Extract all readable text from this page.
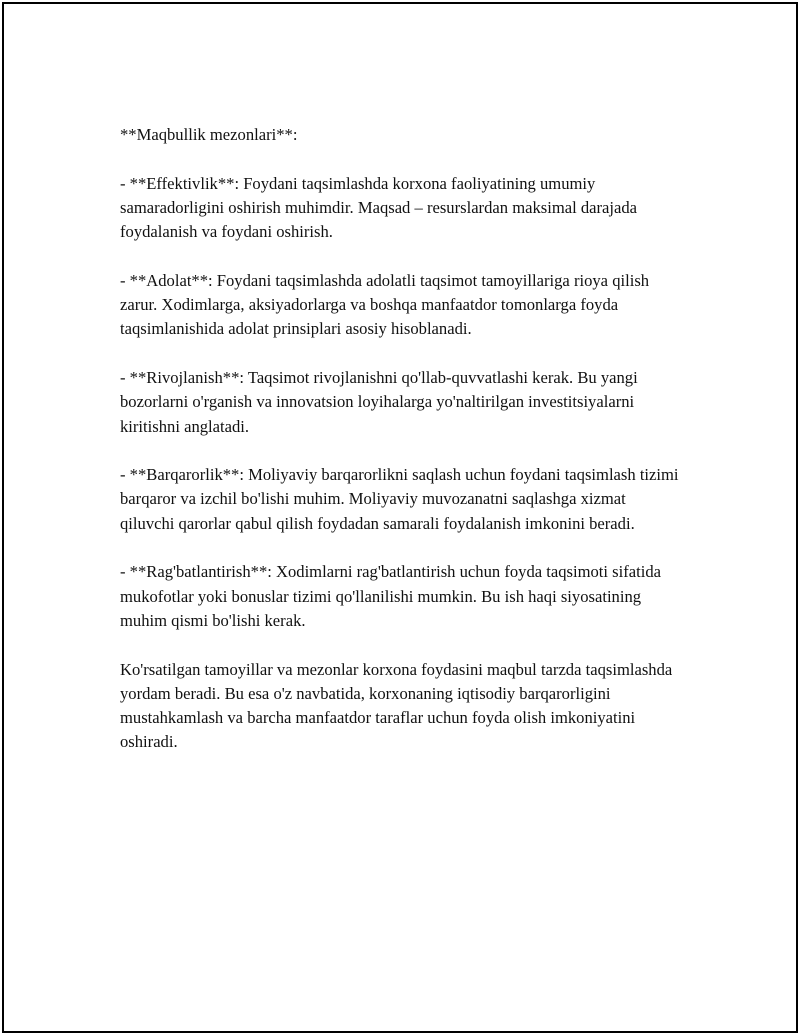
**Maqbullik mezonlari**:

- **Effektivlik**: Foydani taqsimlashda korxona faoliyatining umumiy samaradorligini oshirish muhimdir. Maqsad – resurslardan maksimal darajada foydalanish va foydani oshirish.

- **Adolat**: Foydani taqsimlashda adolatli taqsimot tamoyillariga rioya qilish zarur. Xodimlarga, aksiyadorlarga va boshqa manfaatdor tomonlarga foyda taqsimlanishida adolat prinsiplari asosiy hisoblanadi.

- **Rivojlanish**: Taqsimot rivojlanishni qo'llab-quvvatlashi kerak. Bu yangi bozorlarni o'rganish va innovatsion loyihalarga yo'naltirilgan investitsiyalarni kiritishni anglatadi.

- **Barqarorlik**: Moliyaviy barqarorlikni saqlash uchun foydani taqsimlash tizimi barqaror va izchil bo'lishi muhim. Moliyaviy muvozanatni saqlashga xizmat qiluvchi qarorlar qabul qilish foydadan samarali foydalanish imkonini beradi.

- **Rag'batlantirish**: Xodimlarni rag'batlantirish uchun foyda taqsimoti sifatida mukofotlar yoki bonuslar tizimi qo'llanilishi mumkin. Bu ish haqi siyosatining muhim qismi bo'lishi kerak.

Ko'rsatilgan tamoyillar va mezonlar korxona foydasini maqbul tarzda taqsimlashda yordam beradi. Bu esa o'z navbatida, korxonaning iqtisodiy barqarorligini mustahkamlash va barcha manfaatdor taraflar uchun foyda olish imkoniyatini oshiradi.
